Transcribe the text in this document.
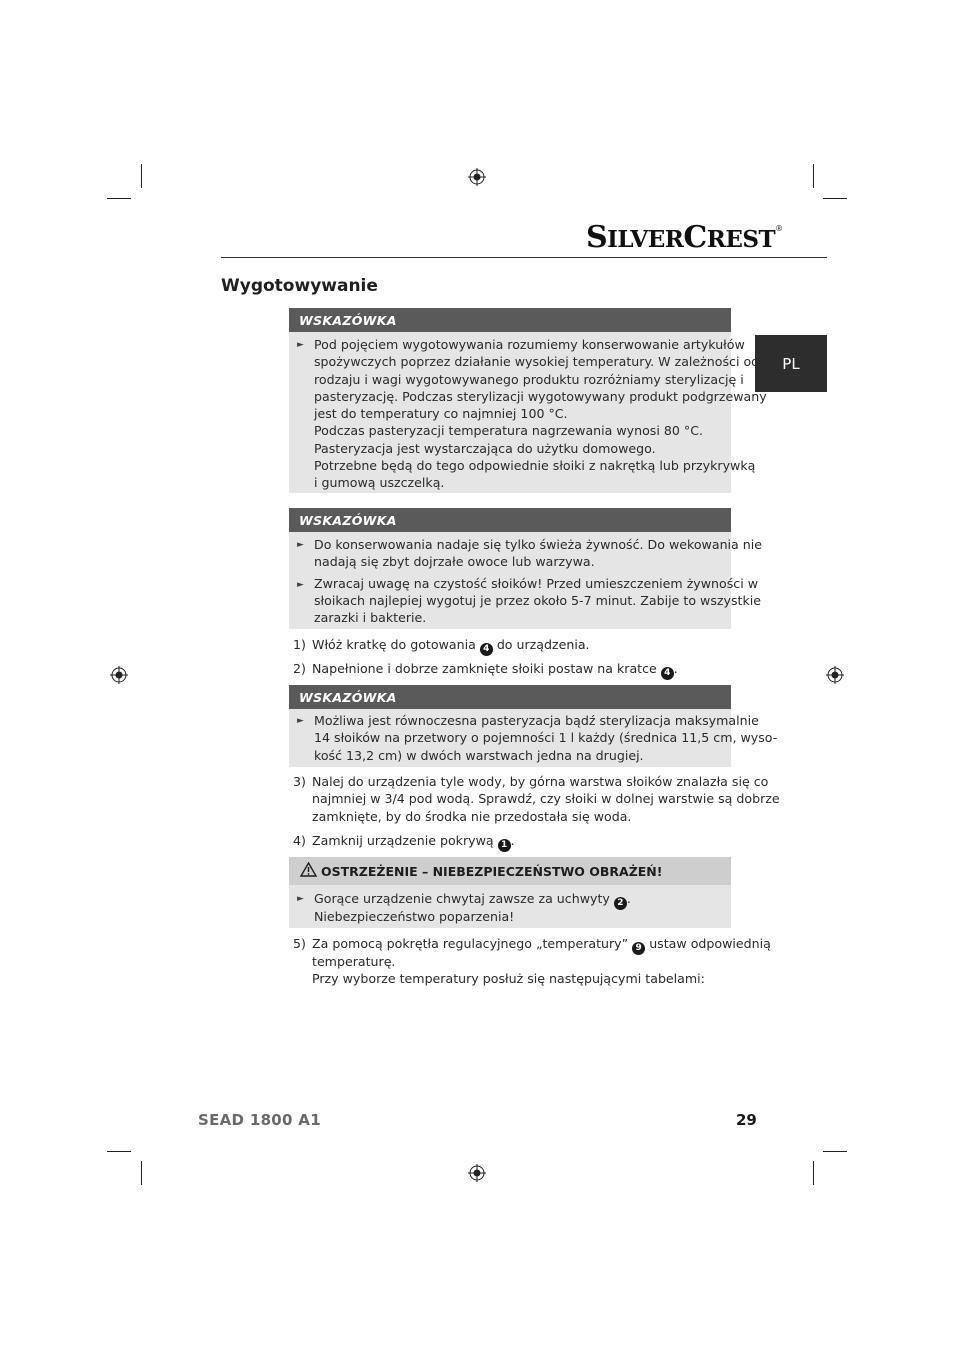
SILVERCREST®
PL
Wygotowywanie
WSKAZÓWKA
► Pod pojęciem wygotowywania rozumiemy konserwowanie artykułów
spożywczych poprzez działanie wysokiej temperatury. W zależności od
rodzaju i wagi wygotowywanego produktu rozróżniamy sterylizację i
pasteryzację. Podczas sterylizacji wygotowywany produkt podgrzewany
jest do temperatury co najmniej 100 °C.
Podczas pasteryzacji temperatura nagrzewania wynosi 80 °C.
Pasteryzacja jest wystarczająca do użytku domowego.
Potrzebne będą do tego odpowiednie słoiki z nakrętką lub przykrywką
i gumową uszczelką.
WSKAZÓWKA
► Do konserwowania nadaje się tylko świeża żywność. Do wekowania nie
nadają się zbyt dojrzałe owoce lub warzywa.
► Zwracaj uwagę na czystość słoików! Przed umieszczeniem żywności w
słoikach najlepiej wygotuj je przez około 5-7 minut. Zabije to wszystkie
zarazki i bakterie.
1) Włóż kratkę do gotowania 4 do urządzenia.
2) Napełnione i dobrze zamknięte słoiki postaw na kratce 4 .
WSKAZÓWKA
► Możliwa jest równoczesna pasteryzacja bądź sterylizacja maksymalnie
14 słoików na przetwory o pojemności 1 l każdy (średnica 11,5 cm, wyso-
kość 13,2 cm) w dwóch warstwach jedna na drugiej.
3) Nalej do urządzenia tyle wody, by górna warstwa słoików znalazła się co
najmniej w 3/4 pod wodą. Sprawdź, czy słoiki w dolnej warstwie są dobrze
zamknięte, by do środka nie przedostała się woda.
4) Zamknij urządzenie pokrywą 1 .
OSTRZEŻENIE – NIEBEZPIECZEŃSTWO OBRAŻEŃ!
► Gorące urządzenie chwytaj zawsze za uchwyty 2 .
Niebezpieczeństwo poparzenia!
5) Za pomocą pokrętła regulacyjnego „temperatury” 9 ustaw odpowiednią
temperaturę.
Przy wyborze temperatury posłuż się następującymi tabelami:
SEAD 1800 A1	29
